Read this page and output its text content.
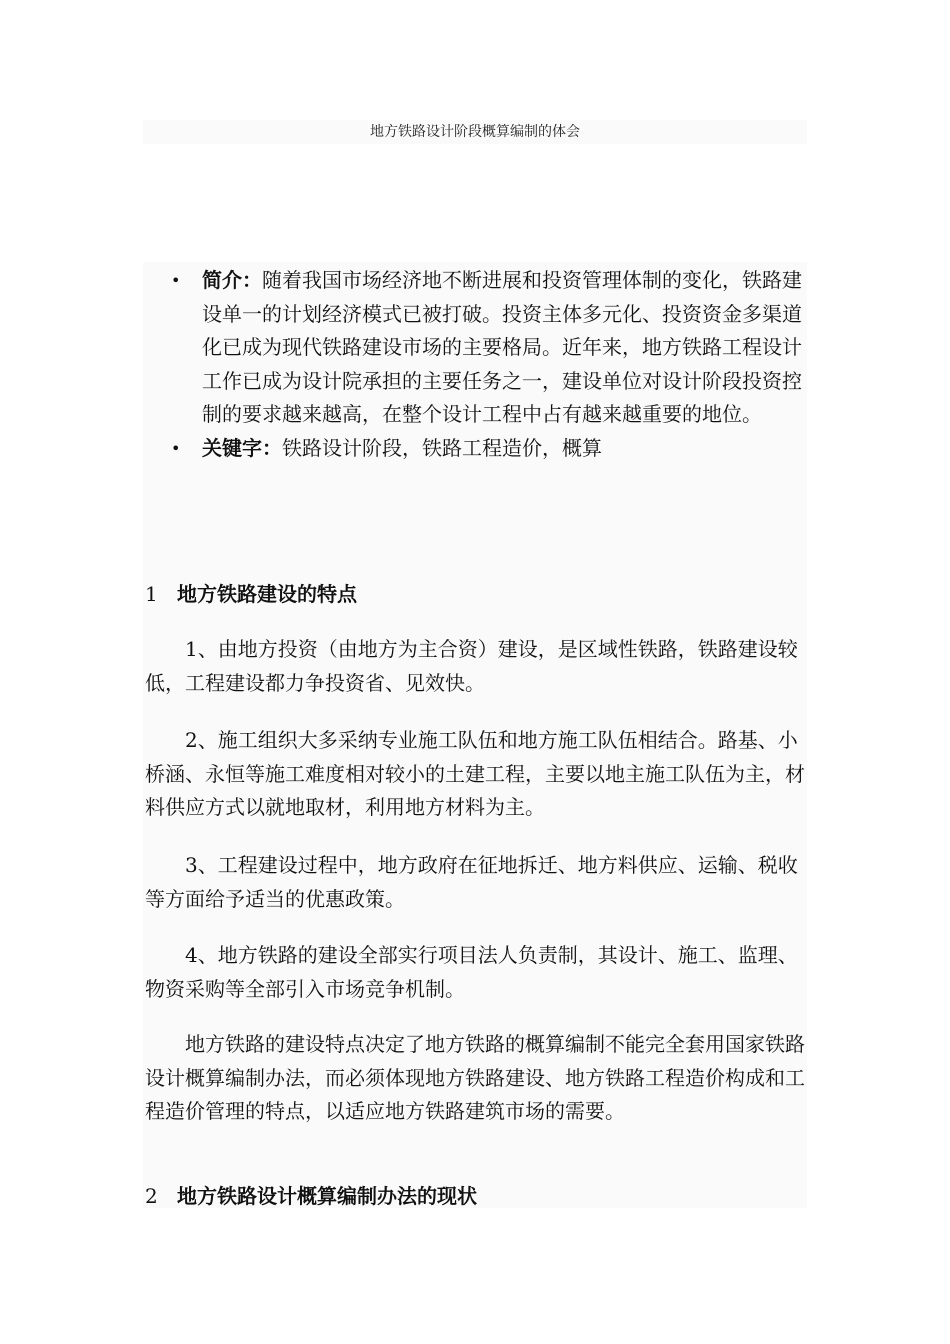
地方铁路设计阶段概算编制的体会
• 简介：随着我国市场经济地不断进展和投资管理体制的变化，铁路建设单一的计划经济模式已被打破。投资主体多元化、投资资金多渠道化已成为现代铁路建设市场的主要格局。近年来，地方铁路工程设计工作已成为设计院承担的主要任务之一，建设单位对设计阶段投资控制的要求越来越高，在整个设计工程中占有越来越重要的地位。
• 关键字：铁路设计阶段，铁路工程造价，概算
1 地方铁路建设的特点

1、由地方投资（由地方为主合资）建设，是区域性铁路，铁路建设较低，工程建设都力争投资省、见效快。

2、施工组织大多采纳专业施工队伍和地方施工队伍相结合。路基、小桥涵、永恒等施工难度相对较小的土建工程，主要以地主施工队伍为主，材料供应方式以就地取材，利用地方材料为主。

3、工程建设过程中，地方政府在征地拆迁、地方料供应、运输、税收等方面给予适当的优惠政策。

4、地方铁路的建设全部实行项目法人负责制，其设计、施工、监理、物资采购等全部引入市场竞争机制。

地方铁路的建设特点决定了地方铁路的概算编制不能完全套用国家铁路设计概算编制办法，而必须体现地方铁路建设、地方铁路工程造价构成和工程造价管理的特点，以适应地方铁路建筑市场的需要。

2 地方铁路设计概算编制办法的现状
